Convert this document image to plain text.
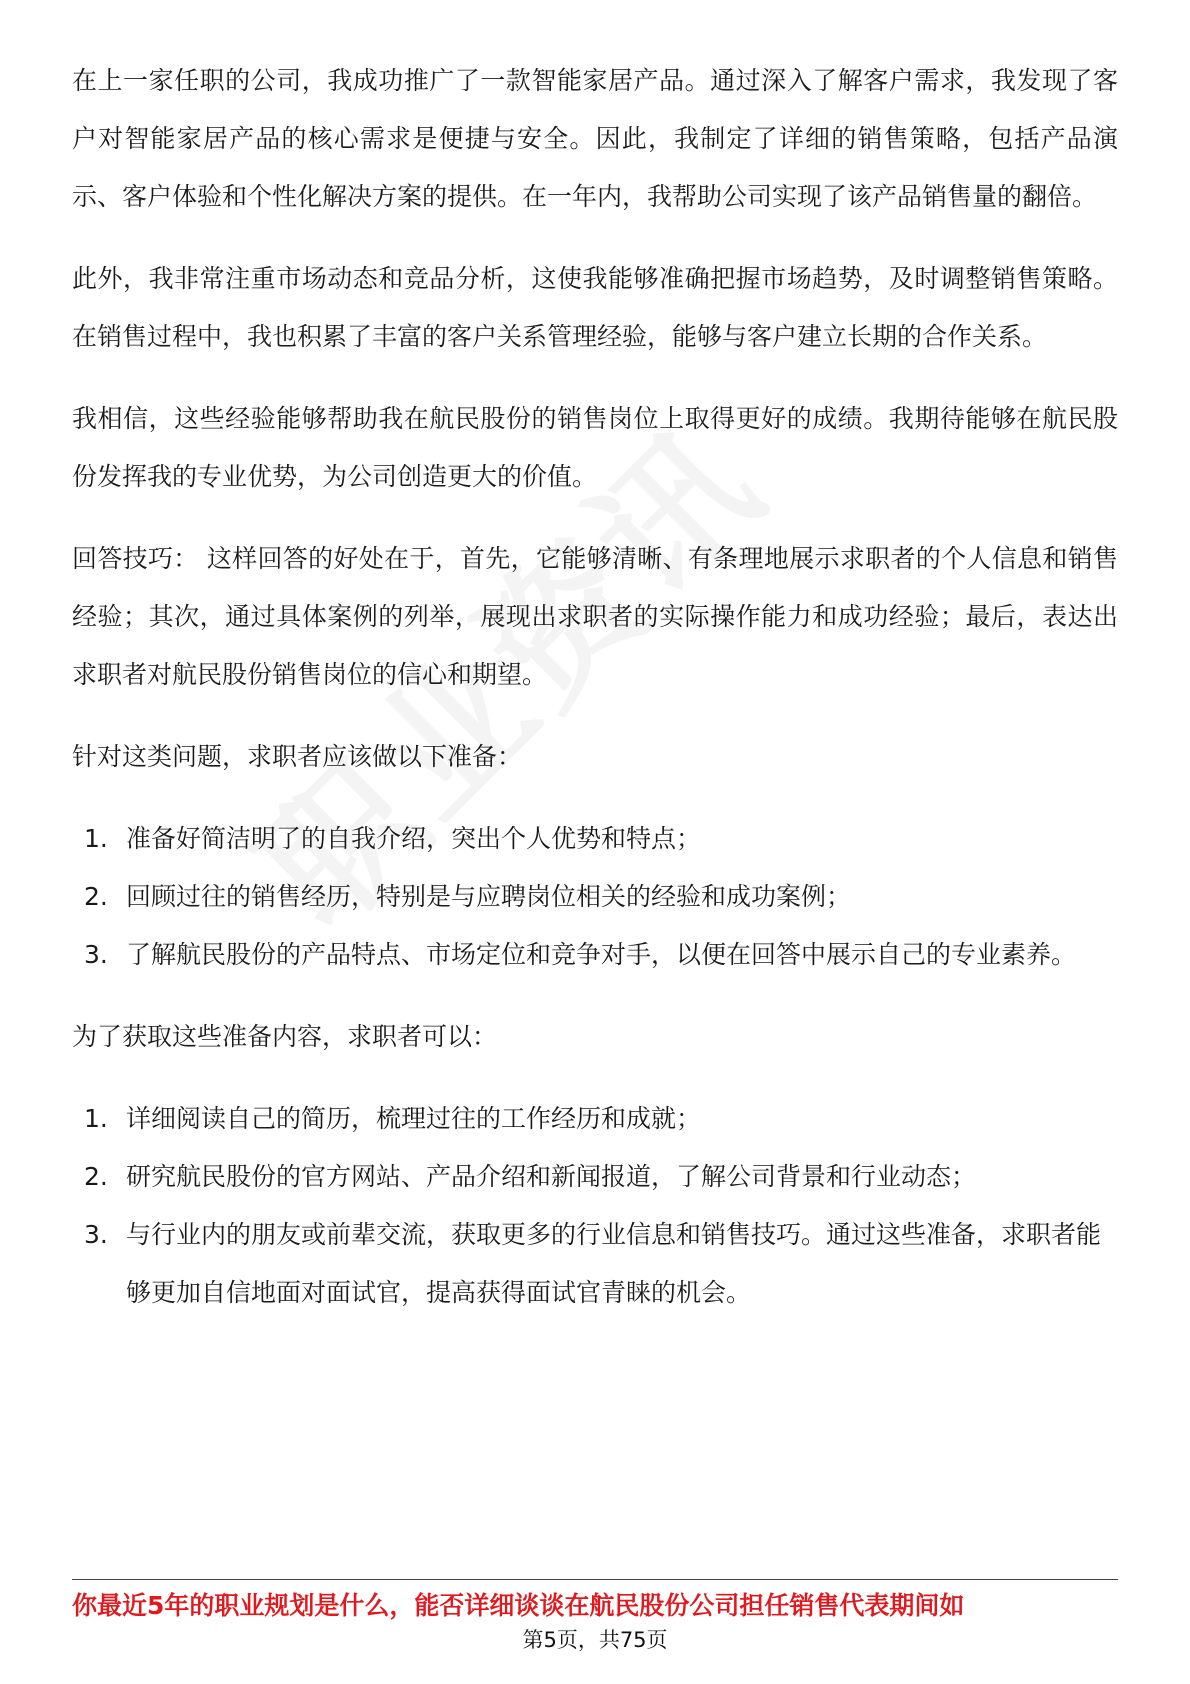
在上一家任职的公司，我成功推广了一款智能家居产品。通过深入了解客户需求，我发现了客户对智能家居产品的核心需求是便捷与安全。因此，我制定了详细的销售策略，包括产品演示、客户体验和个性化解决方案的提供。在一年内，我帮助公司实现了该产品销售量的翻倍。

此外，我非常注重市场动态和竞品分析，这使我能够准确把握市场趋势，及时调整销售策略。在销售过程中，我也积累了丰富的客户关系管理经验，能够与客户建立长期的合作关系。

我相信，这些经验能够帮助我在航民股份的销售岗位上取得更好的成绩。我期待能够在航民股份发挥我的专业优势，为公司创造更大的价值。

回答技巧： 这样回答的好处在于，首先，它能够清晰、有条理地展示求职者的个人信息和销售经验；其次，通过具体案例的列举，展现出求职者的实际操作能力和成功经验；最后，表达出求职者对航民股份销售岗位的信心和期望。

针对这类问题，求职者应该做以下准备：

1. 准备好简洁明了的自我介绍，突出个人优势和特点；
2. 回顾过往的销售经历，特别是与应聘岗位相关的经验和成功案例；
3. 了解航民股份的产品特点、市场定位和竞争对手，以便在回答中展示自己的专业素养。

为了获取这些准备内容，求职者可以：

1. 详细阅读自己的简历，梳理过往的工作经历和成就；
2. 研究航民股份的官方网站、产品介绍和新闻报道，了解公司背景和行业动态；
3. 与行业内的朋友或前辈交流，获取更多的行业信息和销售技巧。通过这些准备，求职者能够更加自信地面对面试官，提高获得面试官青睐的机会。
你最近5年的职业规划是什么，能否详细谈谈在航民股份公司担任销售代表期间如
第5页，共75页
